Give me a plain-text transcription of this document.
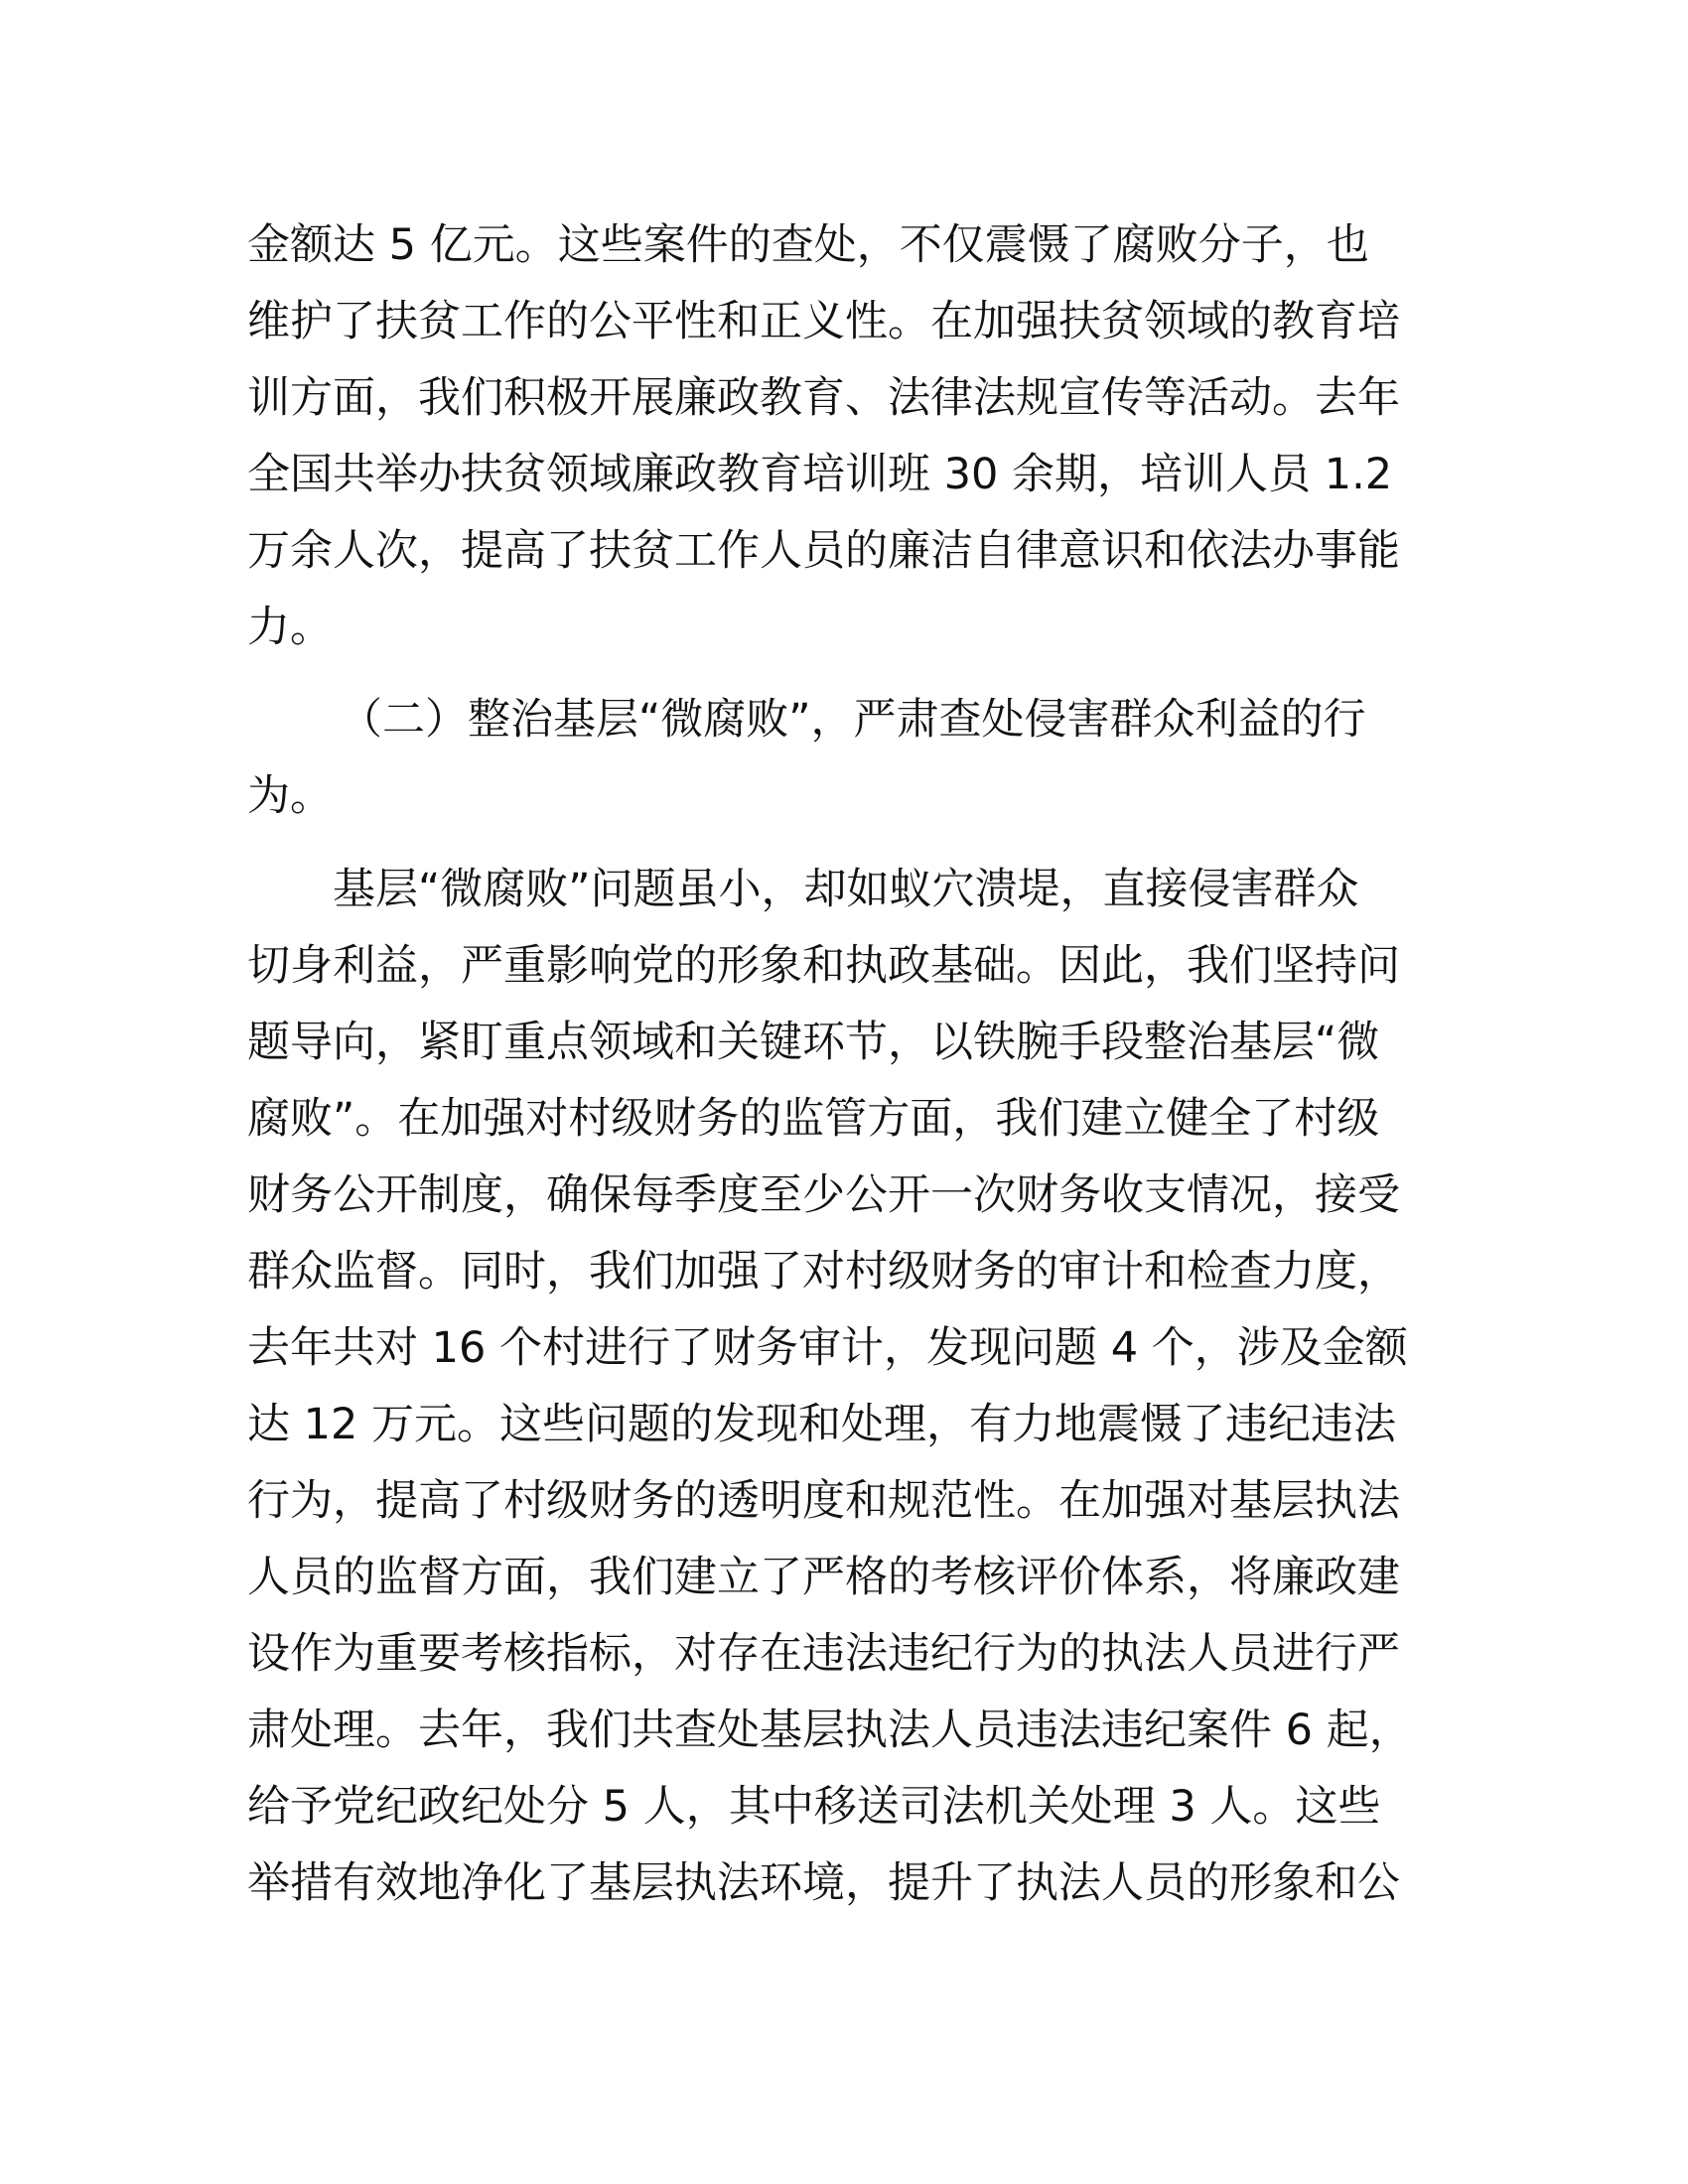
金额达 5 亿元。这些案件的查处，不仅震慑了腐败分子，也

维护了扶贫工作的公平性和正义性。在加强扶贫领域的教育培

训方面，我们积极开展廉政教育、法律法规宣传等活动。去年

全国共举办扶贫领域廉政教育培训班 30 余期，培训人员 1.2

万余人次，提高了扶贫工作人员的廉洁自律意识和依法办事能

力。

（二）整治基层“微腐败”，严肃查处侵害群众利益的行

为。

基层“微腐败”问题虽小，却如蚁穴溃堤，直接侵害群众

切身利益，严重影响党的形象和执政基础。因此，我们坚持问

题导向，紧盯重点领域和关键环节，以铁腕手段整治基层“微

腐败”。在加强对村级财务的监管方面，我们建立健全了村级

财务公开制度，确保每季度至少公开一次财务收支情况，接受

群众监督。同时，我们加强了对村级财务的审计和检查力度，

去年共对 16 个村进行了财务审计，发现问题 4 个，涉及金额

达 12 万元。这些问题的发现和处理，有力地震慑了违纪违法

行为，提高了村级财务的透明度和规范性。在加强对基层执法

人员的监督方面，我们建立了严格的考核评价体系，将廉政建

设作为重要考核指标，对存在违法违纪行为的执法人员进行严

肃处理。去年，我们共查处基层执法人员违法违纪案件 6 起，

给予党纪政纪处分 5 人，其中移送司法机关处理 3 人。这些

举措有效地净化了基层执法环境，提升了执法人员的形象和公
